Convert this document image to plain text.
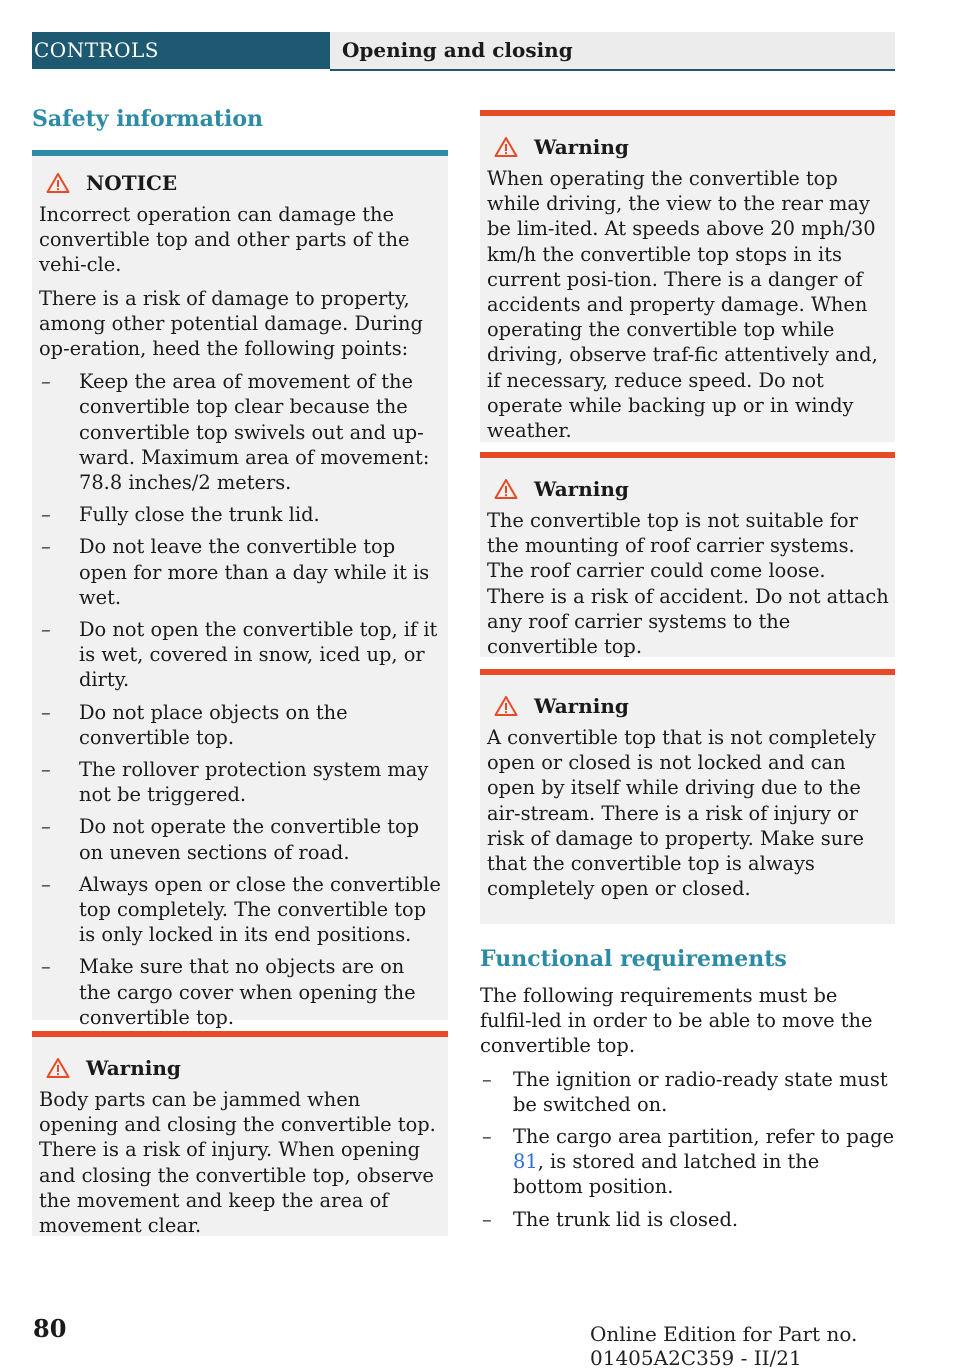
CONTROLS	Opening and closing
Safety information
NOTICE

Incorrect operation can damage the convertible top and other parts of the vehi-cle.

There is a risk of damage to property, among other potential damage. During op-eration, heed the following points:

– Keep the area of movement of the convertible top clear because the convertible top swivels out and up-ward. Maximum area of movement: 78.8 inches/2 meters.
– Fully close the trunk lid.
– Do not leave the convertible top open for more than a day while it is wet.
– Do not open the convertible top, if it is wet, covered in snow, iced up, or dirty.
– Do not place objects on the convertible top.
– The rollover protection system may not be triggered.
– Do not operate the convertible top on uneven sections of road.
– Always open or close the convertible top completely. The convertible top is only locked in its end positions.
– Make sure that no objects are on the cargo cover when opening the convertible top.
Warning

Body parts can be jammed when opening and closing the convertible top. There is a risk of injury. When opening and closing the convertible top, observe the movement and keep the area of movement clear.

Warning

When operating the convertible top while driving, the view to the rear may be lim-ited. At speeds above 20 mph/30 km/h the convertible top stops in its current posi-tion. There is a danger of accidents and property damage. When operating the convertible top while driving, observe traf-fic attentively and, if necessary, reduce speed. Do not operate while backing up or in windy weather.

Warning

The convertible top is not suitable for the mounting of roof carrier systems. The roof carrier could come loose. There is a risk of accident. Do not attach any roof carrier systems to the convertible top.

Warning

A convertible top that is not completely open or closed is not locked and can open by itself while driving due to the air-stream. There is a risk of injury or risk of damage to property. Make sure that the convertible top is always completely open or closed.

Functional requirements

The following requirements must be fulfil-led in order to be able to move the convertible top.

– The ignition or radio-ready state must be switched on.
– The cargo area partition, refer to page 81, is stored and latched in the bottom position.
– The trunk lid is closed.
80	Online Edition for Part no. 01405A2C359 - II/21
